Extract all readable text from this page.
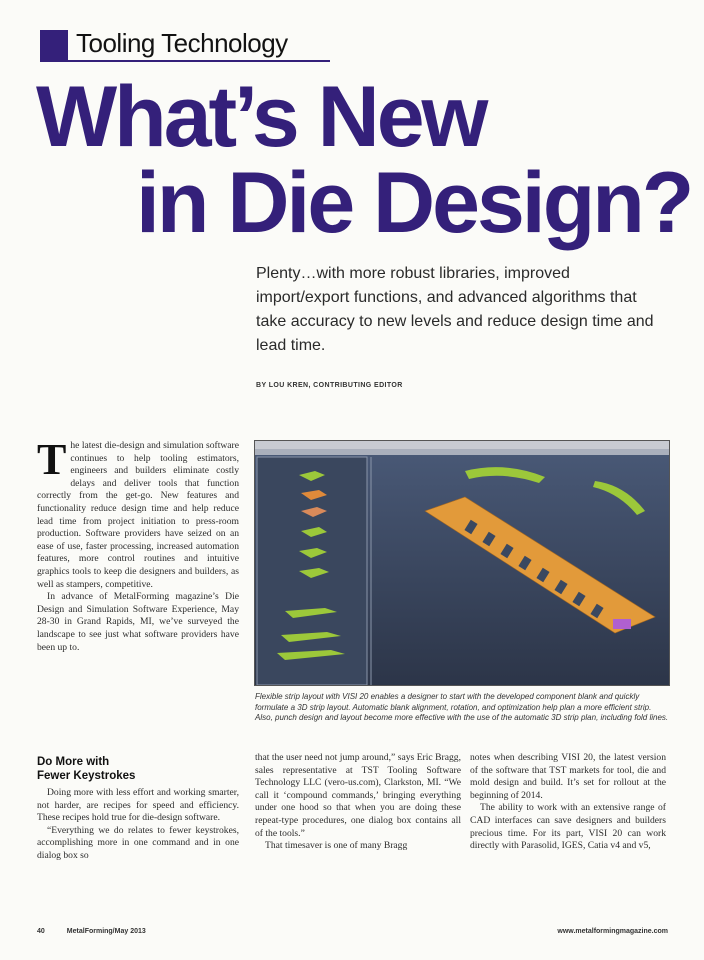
Tooling Technology
What’s New
in Die Design?
Plenty…with more robust libraries, improved import/export functions, and advanced algorithms that take accuracy to new levels and reduce design time and lead time.
BY LOU KREN, CONTRIBUTING EDITOR

The latest die-design and simulation software continues to help tooling estimators, engineers and builders eliminate costly delays and deliver tools that function correctly from the get-go. New features and functionality reduce design time and help reduce lead time from project initiation to press-room production. Software providers have seized on an ease of use, faster processing, increased automation features, more control routines and intuitive graphics tools to keep die designers and builders, as well as stampers, competitive.

In advance of MetalForming magazine’s Die Design and Simulation Software Experience, May 28-30 in Grand Rapids, MI, we’ve surveyed the landscape to see just what software providers have been up to.

Do More with
Fewer Keystrokes

Doing more with less effort and working smarter, not harder, are recipes for speed and efficiency. These recipes hold true for die-design software.

“Everything we do relates to fewer keystrokes, accomplishing more in one command and in one dialog box so

that the user need not jump around,” says Eric Bragg, sales representative at TST Tooling Software Technology LLC (vero-us.com), Clarkston, MI. “We call it ‘compound commands,’ bringing everything under one hood so that when you are doing these repeat-type procedures, one dialog box contains all of the tools.”

That timesaver is one of many Bragg

notes when describing VISI 20, the latest version of the software that TST markets for tool, die and mold design and build. It’s set for rollout at the beginning of 2014.

The ability to work with an extensive range of CAD interfaces can save designers and builders precious time. For its part, VISI 20 can work directly with Parasolid, IGES, Catia v4 and v5,

Flexible strip layout with VISI 20 enables a designer to start with the developed component blank and quickly formulate a 3D strip layout. Automatic blank alignment, rotation, and optimization help plan a more efficient strip. Also, punch design and layout become more effective with the use of the automatic 3D strip plan, including fold lines.
40	MetalForming/May 2013	www.metalformingmagazine.com
